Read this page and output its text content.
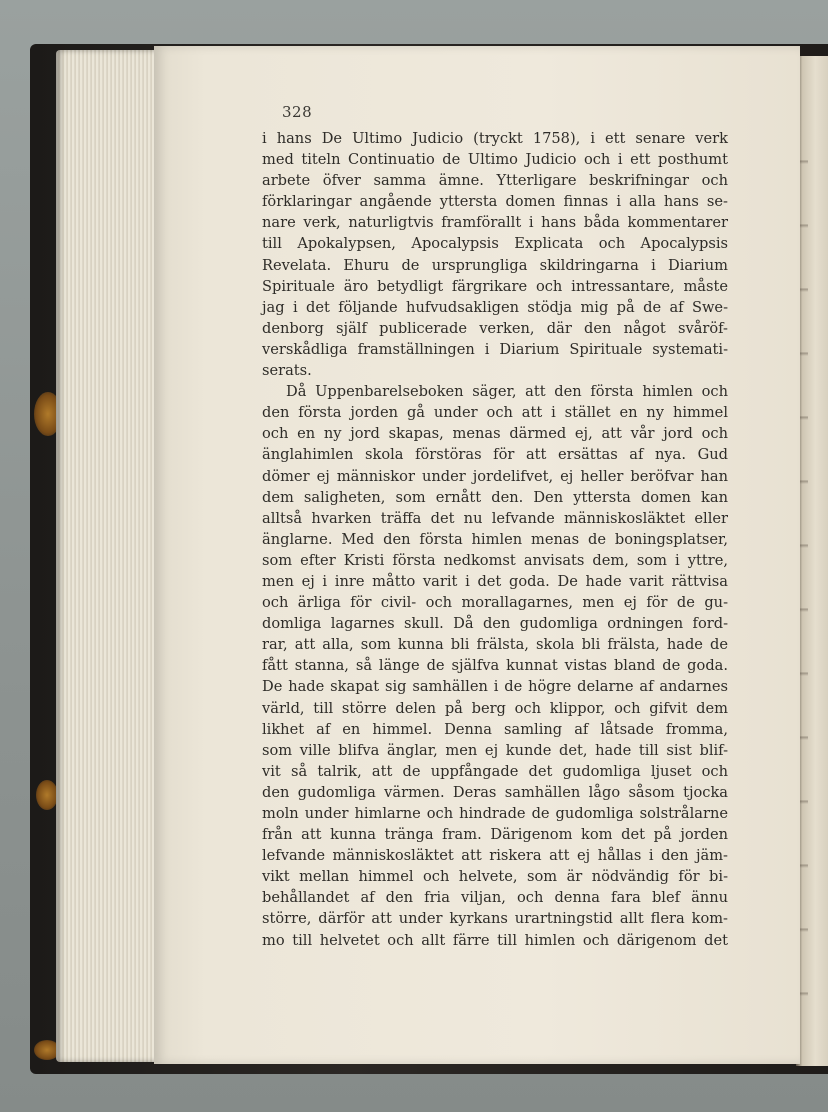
328
i hans De Ultimo Judicio (tryckt 1758), i ett senare verk
med titeln Continuatio de Ultimo Judicio och i ett posthumt
arbete öfver samma ämne. Ytterligare beskrifningar och
förklaringar angående yttersta domen finnas i alla hans se-
nare verk, naturligtvis framförallt i hans båda kommentarer
till Apokalypsen, Apocalypsis Explicata och Apocalypsis
Revelata. Ehuru de ursprungliga skildringarna i Diarium
Spirituale äro betydligt färgrikare och intressantare, måste
jag i det följande hufvudsakligen stödja mig på de af Swe-
denborg själf publicerade verken, där den något svåröf-
verskådliga framställningen i Diarium Spirituale systemati-
serats.
Då Uppenbarelseboken säger, att den första himlen och
den första jorden gå under och att i stället en ny himmel
och en ny jord skapas, menas därmed ej, att vår jord och
änglahimlen skola förstöras för att ersättas af nya. Gud
dömer ej människor under jordelifvet, ej heller beröfvar han
dem saligheten, som ernått den. Den yttersta domen kan
alltså hvarken träffa det nu lefvande människosläktet eller
änglarne. Med den första himlen menas de boningsplatser,
som efter Kristi första nedkomst anvisats dem, som i yttre,
men ej i inre måtto varit i det goda. De hade varit rättvisa
och ärliga för civil- och morallagarnes, men ej för de gu-
domliga lagarnes skull. Då den gudomliga ordningen ford-
rar, att alla, som kunna bli frälsta, skola bli frälsta, hade de
fått stanna, så länge de själfva kunnat vistas bland de goda.
De hade skapat sig samhällen i de högre delarne af andarnes
värld, till större delen på berg och klippor, och gifvit dem
likhet af en himmel. Denna samling af låtsade fromma,
som ville blifva änglar, men ej kunde det, hade till sist blif-
vit så talrik, att de uppfångade det gudomliga ljuset och
den gudomliga värmen. Deras samhällen lågo såsom tjocka
moln under himlarne och hindrade de gudomliga solstrålarne
från att kunna tränga fram. Därigenom kom det på jorden
lefvande människosläktet att riskera att ej hållas i den jäm-
vikt mellan himmel och helvete, som är nödvändig för bi-
behållandet af den fria viljan, och denna fara blef ännu
större, därför att under kyrkans urartningstid allt flera kom-
mo till helvetet och allt färre till himlen och därigenom det
